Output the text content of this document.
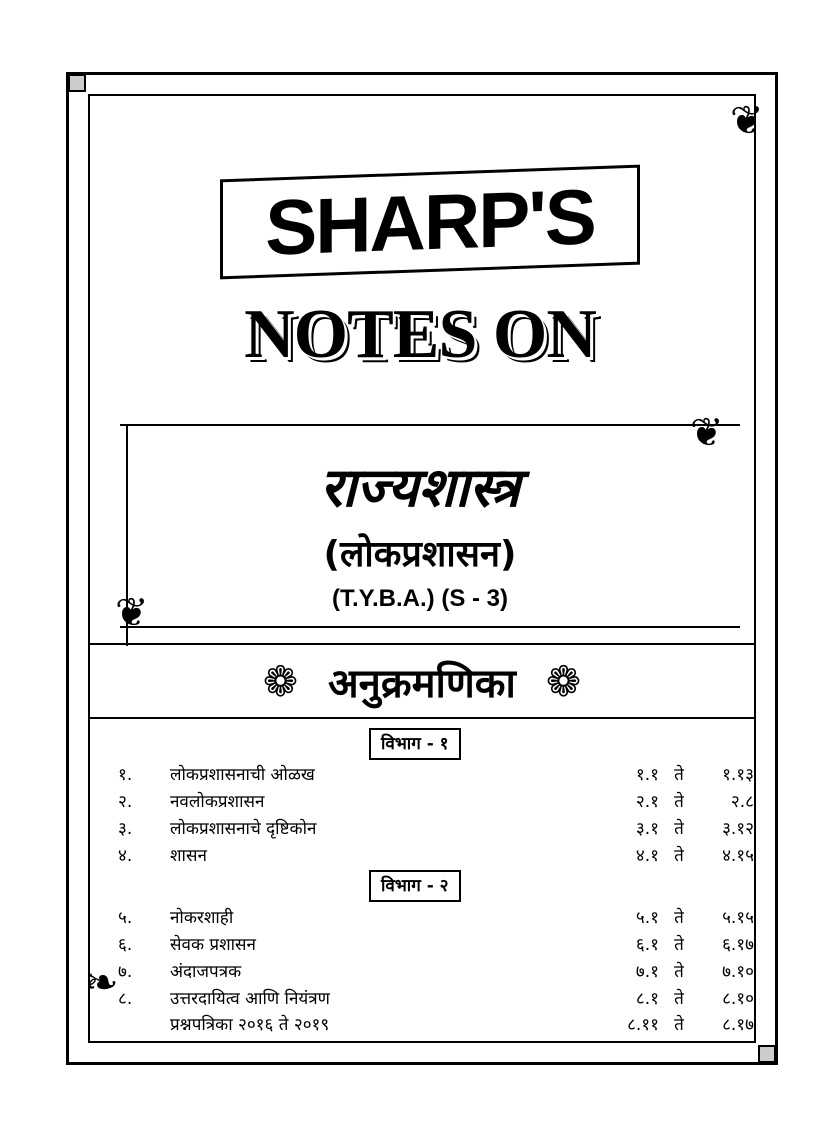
❦
❦
❦
❧
SHARP'S
NOTES ON
राज्यशास्त्र
(लोकप्रशासन)
(T.Y.B.A.) (S - 3)
❁ अनुक्रमणिका ❁
विभाग - १
१.	लोकप्रशासनाची ओळख	१.१ ते	१.१३
२.	नवलोकप्रशासन	२.१ ते	२.८
३.	लोकप्रशासनाचे दृष्टिकोन	३.१ ते	३.१२
४.	शासन	४.१ ते	४.१५
विभाग - २
५.	नोकरशाही	५.१ ते	५.१५
६.	सेवक प्रशासन	६.१ ते	६.१७
७.	अंदाजपत्रक	७.१ ते	७.१०
८.	उत्तरदायित्व आणि नियंत्रण	८.१ ते	८.१०
प्रश्नपत्रिका २०१६ ते २०१९	८.११ ते	८.१७
